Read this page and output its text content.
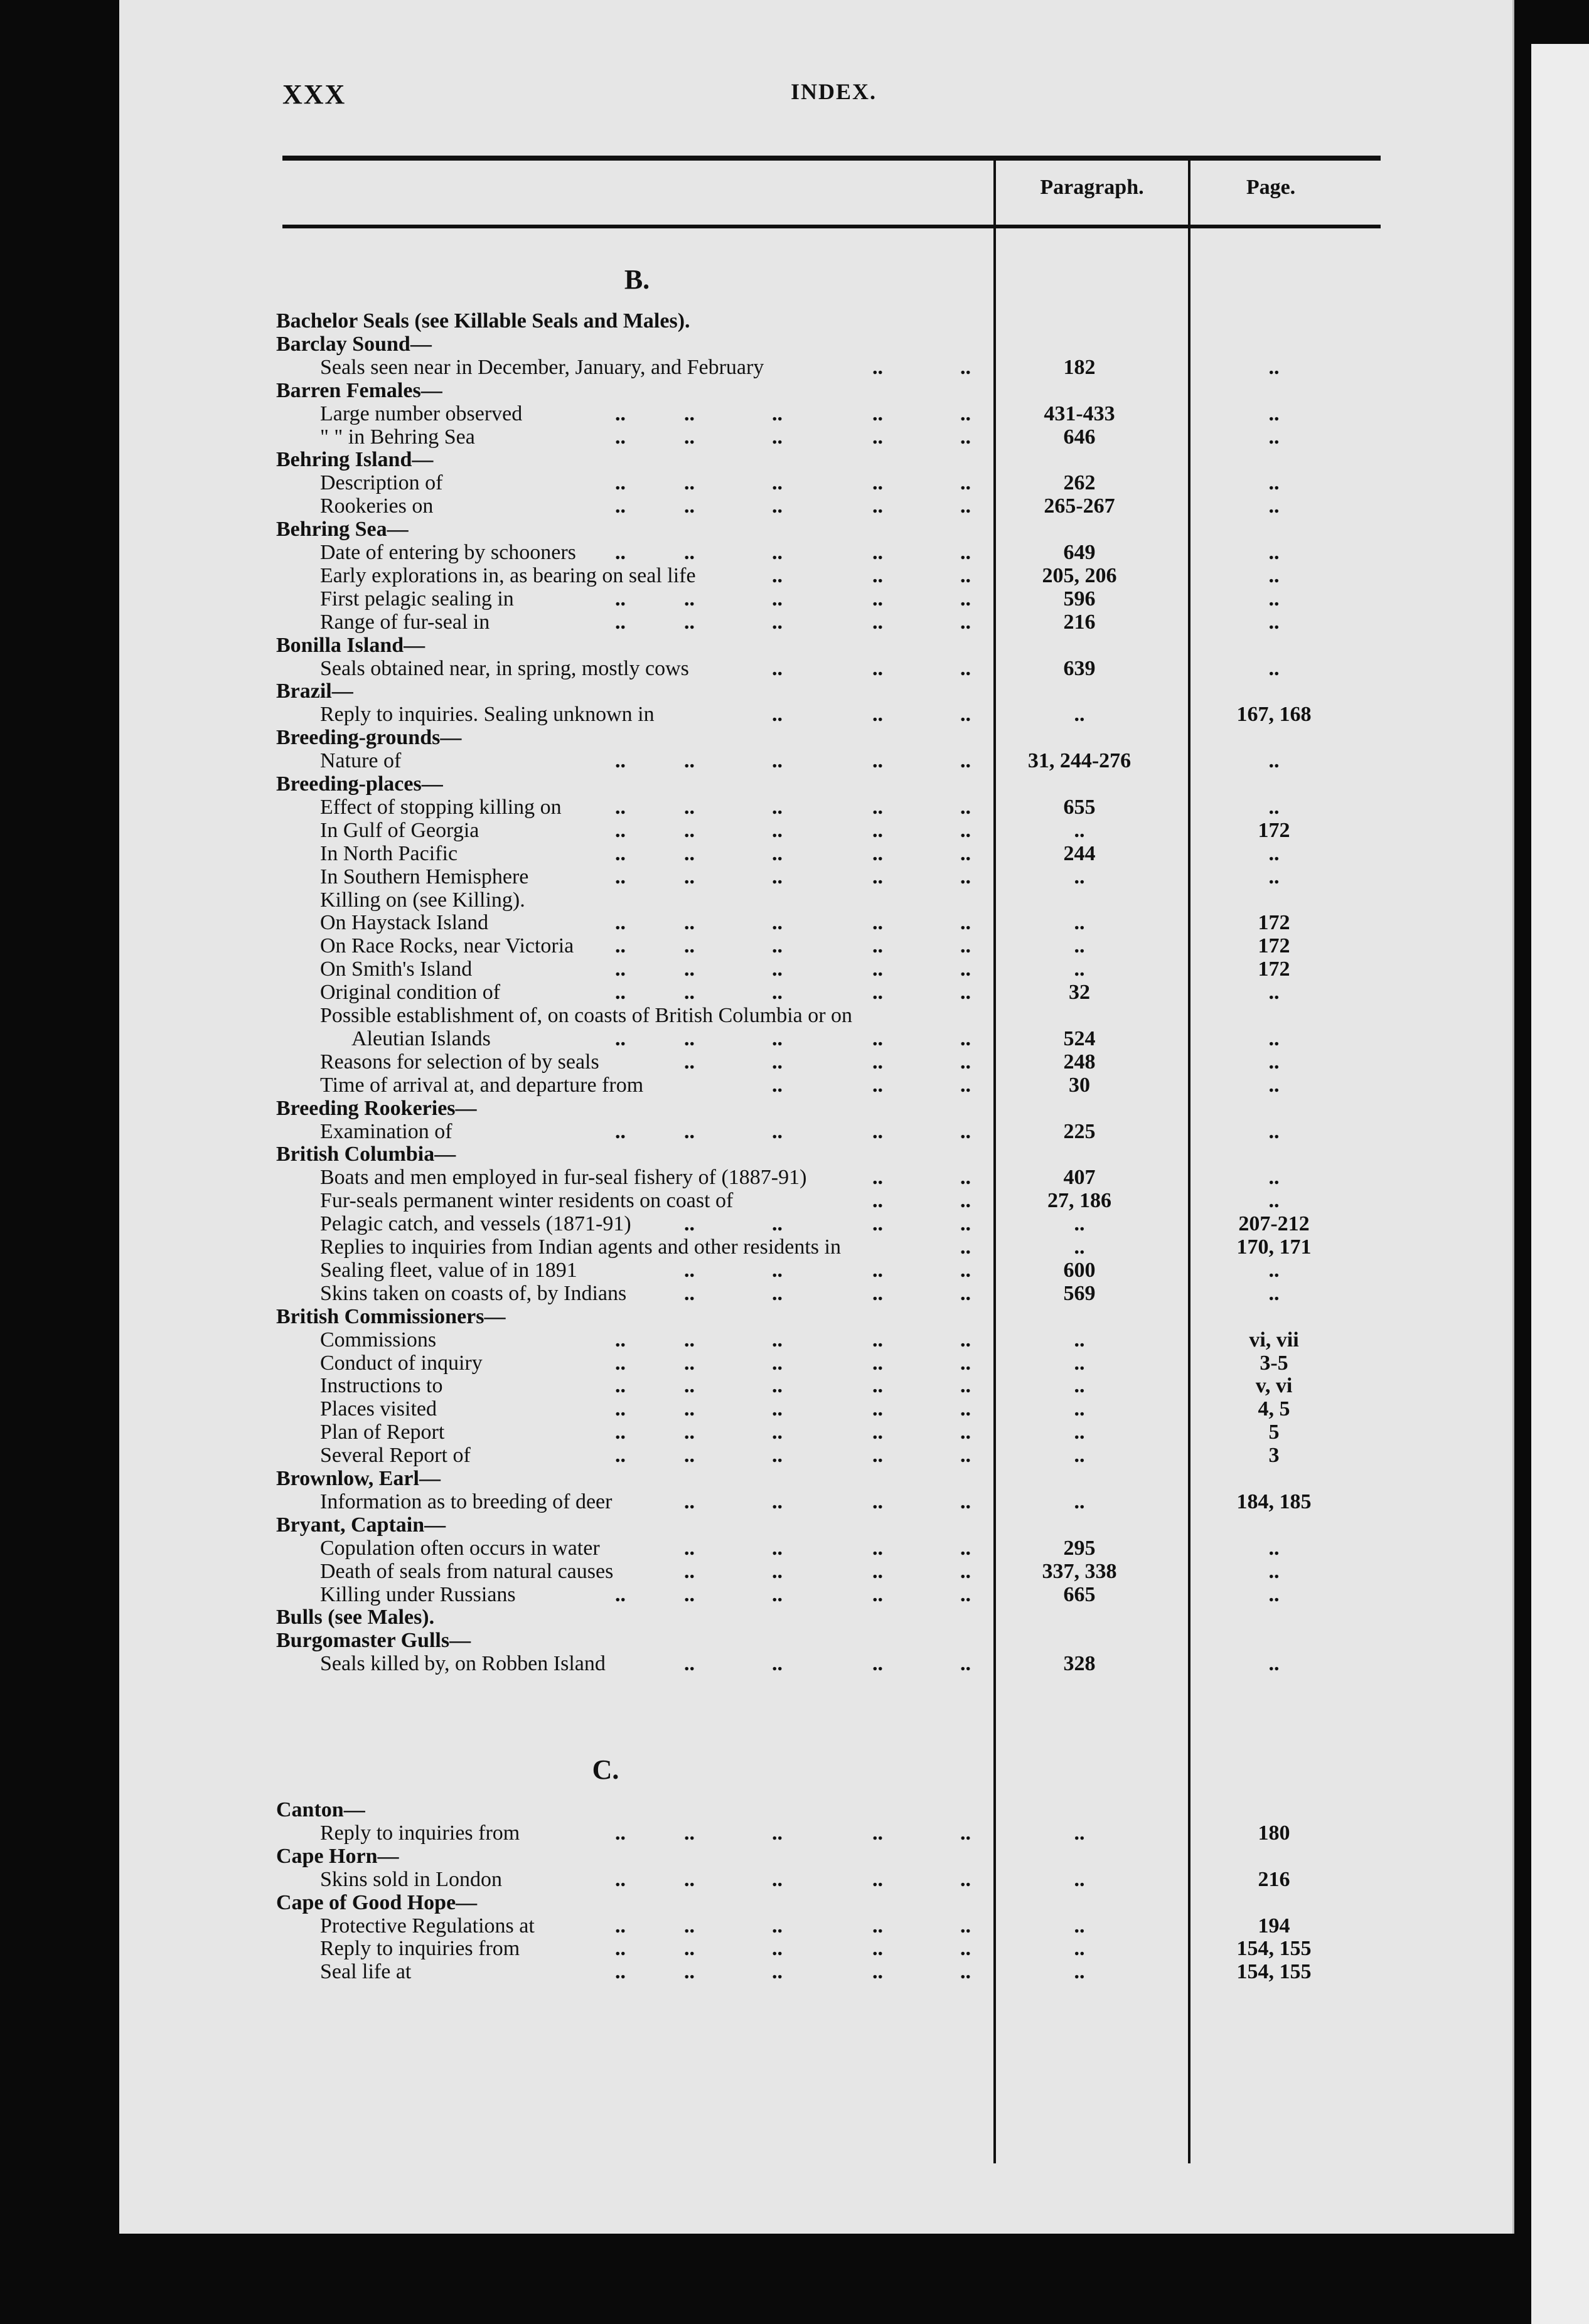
XXX	INDEX.
Paragraph.	Page.
B.
Bachelor Seals (see Killable Seals and Males).
Barclay Sound—
Seals seen near in December, January, and February	..	..	182	..
Barren Females—
Large number observed	..	..	..	..	..	431-433	..
" " in Behring Sea	..	..	..	..	..	646	..
Behring Island—
Description of	..	..	..	..	..	262	..
Rookeries on	..	..	..	..	..	265-267	..
Behring Sea—
Date of entering by schooners ..	..	..	..	..	649	..
Early explorations in, as bearing on seal life	..	..	..	205, 206	..
First pelagic sealing in	..	..	..	..	..	596	..
Range of fur-seal in	..	..	..	..	..	216	..
Bonilla Island—
Seals obtained near, in spring, mostly cows	..	..	..	639	..
Brazil—
Reply to inquiries. Sealing unknown in	..	..	..	..	167, 168
Breeding-grounds—
Nature of	..	..	..	..	..	31, 244-276	..
Breeding-places—
Effect of stopping killing on	..	..	..	..	..	655	..
In Gulf of Georgia	..	..	..	..	..	..	172
In North Pacific	..	..	..	..	..	244	..
In Southern Hemisphere	..	..	..	..	..	..	..
Killing on (see Killing).
On Haystack Island	..	..	..	..	..	..	172
On Race Rocks, near Victoria ..	..	..	..	..	..	172
On Smith's Island	..	..	..	..	..	..	172
Original condition of	..	..	..	..	..	32	..
Possible establishment of, on coasts of British Columbia or on
Aleutian Islands	..	..	..	..	..	524	..
Reasons for selection of by seals	..	..	..	..	248	..
Time of arrival at, and departure from	..	..	..	30	..
Breeding Rookeries—
Examination of	..	..	..	..	..	225	..
British Columbia—
Boats and men employed in fur-seal fishery of (1887-91)	..	..	407	..
Fur-seals permanent winter residents on coast of	..	..	27, 186	..
Pelagic catch, and vessels (1871-91) ..	..	..	..	..	207-212
Replies to inquiries from Indian agents and other residents in	..	..	170, 171
Sealing fleet, value of in 1891	..	..	..	..	600	..
Skins taken on coasts of, by Indians	..	..	..	..	569	..
British Commissioners—
Commissions	..	..	..	..	..	..	vi, vii
Conduct of inquiry	..	..	..	..	..	..	3-5
Instructions to	..	..	..	..	..	..	v, vi
Places visited	..	..	..	..	..	..	4, 5
Plan of Report	..	..	..	..	..	..	5
Several Report of	..	..	..	..	..	..	3
Brownlow, Earl—
Information as to breeding of deer	..	..	..	..	..	184, 185
Bryant, Captain—
Copulation often occurs in water	..	..	..	..	295	..
Death of seals from natural causes	..	..	..	..	337, 338	..
Killing under Russians	..	..	..	..	..	665	..
Bulls (see Males).
Burgomaster Gulls—
Seals killed by, on Robben Island	..	..	..	..	328	..
C.
Canton—
Reply to inquiries from	..	..	..	..	..	..	180
Cape Horn—
Skins sold in London	..	..	..	..	..	..	216
Cape of Good Hope—
Protective Regulations at	..	..	..	..	..	..	194
Reply to inquiries from	..	..	..	..	..	..	154, 155
Seal life at	..	..	..	..	..	..	154, 155
